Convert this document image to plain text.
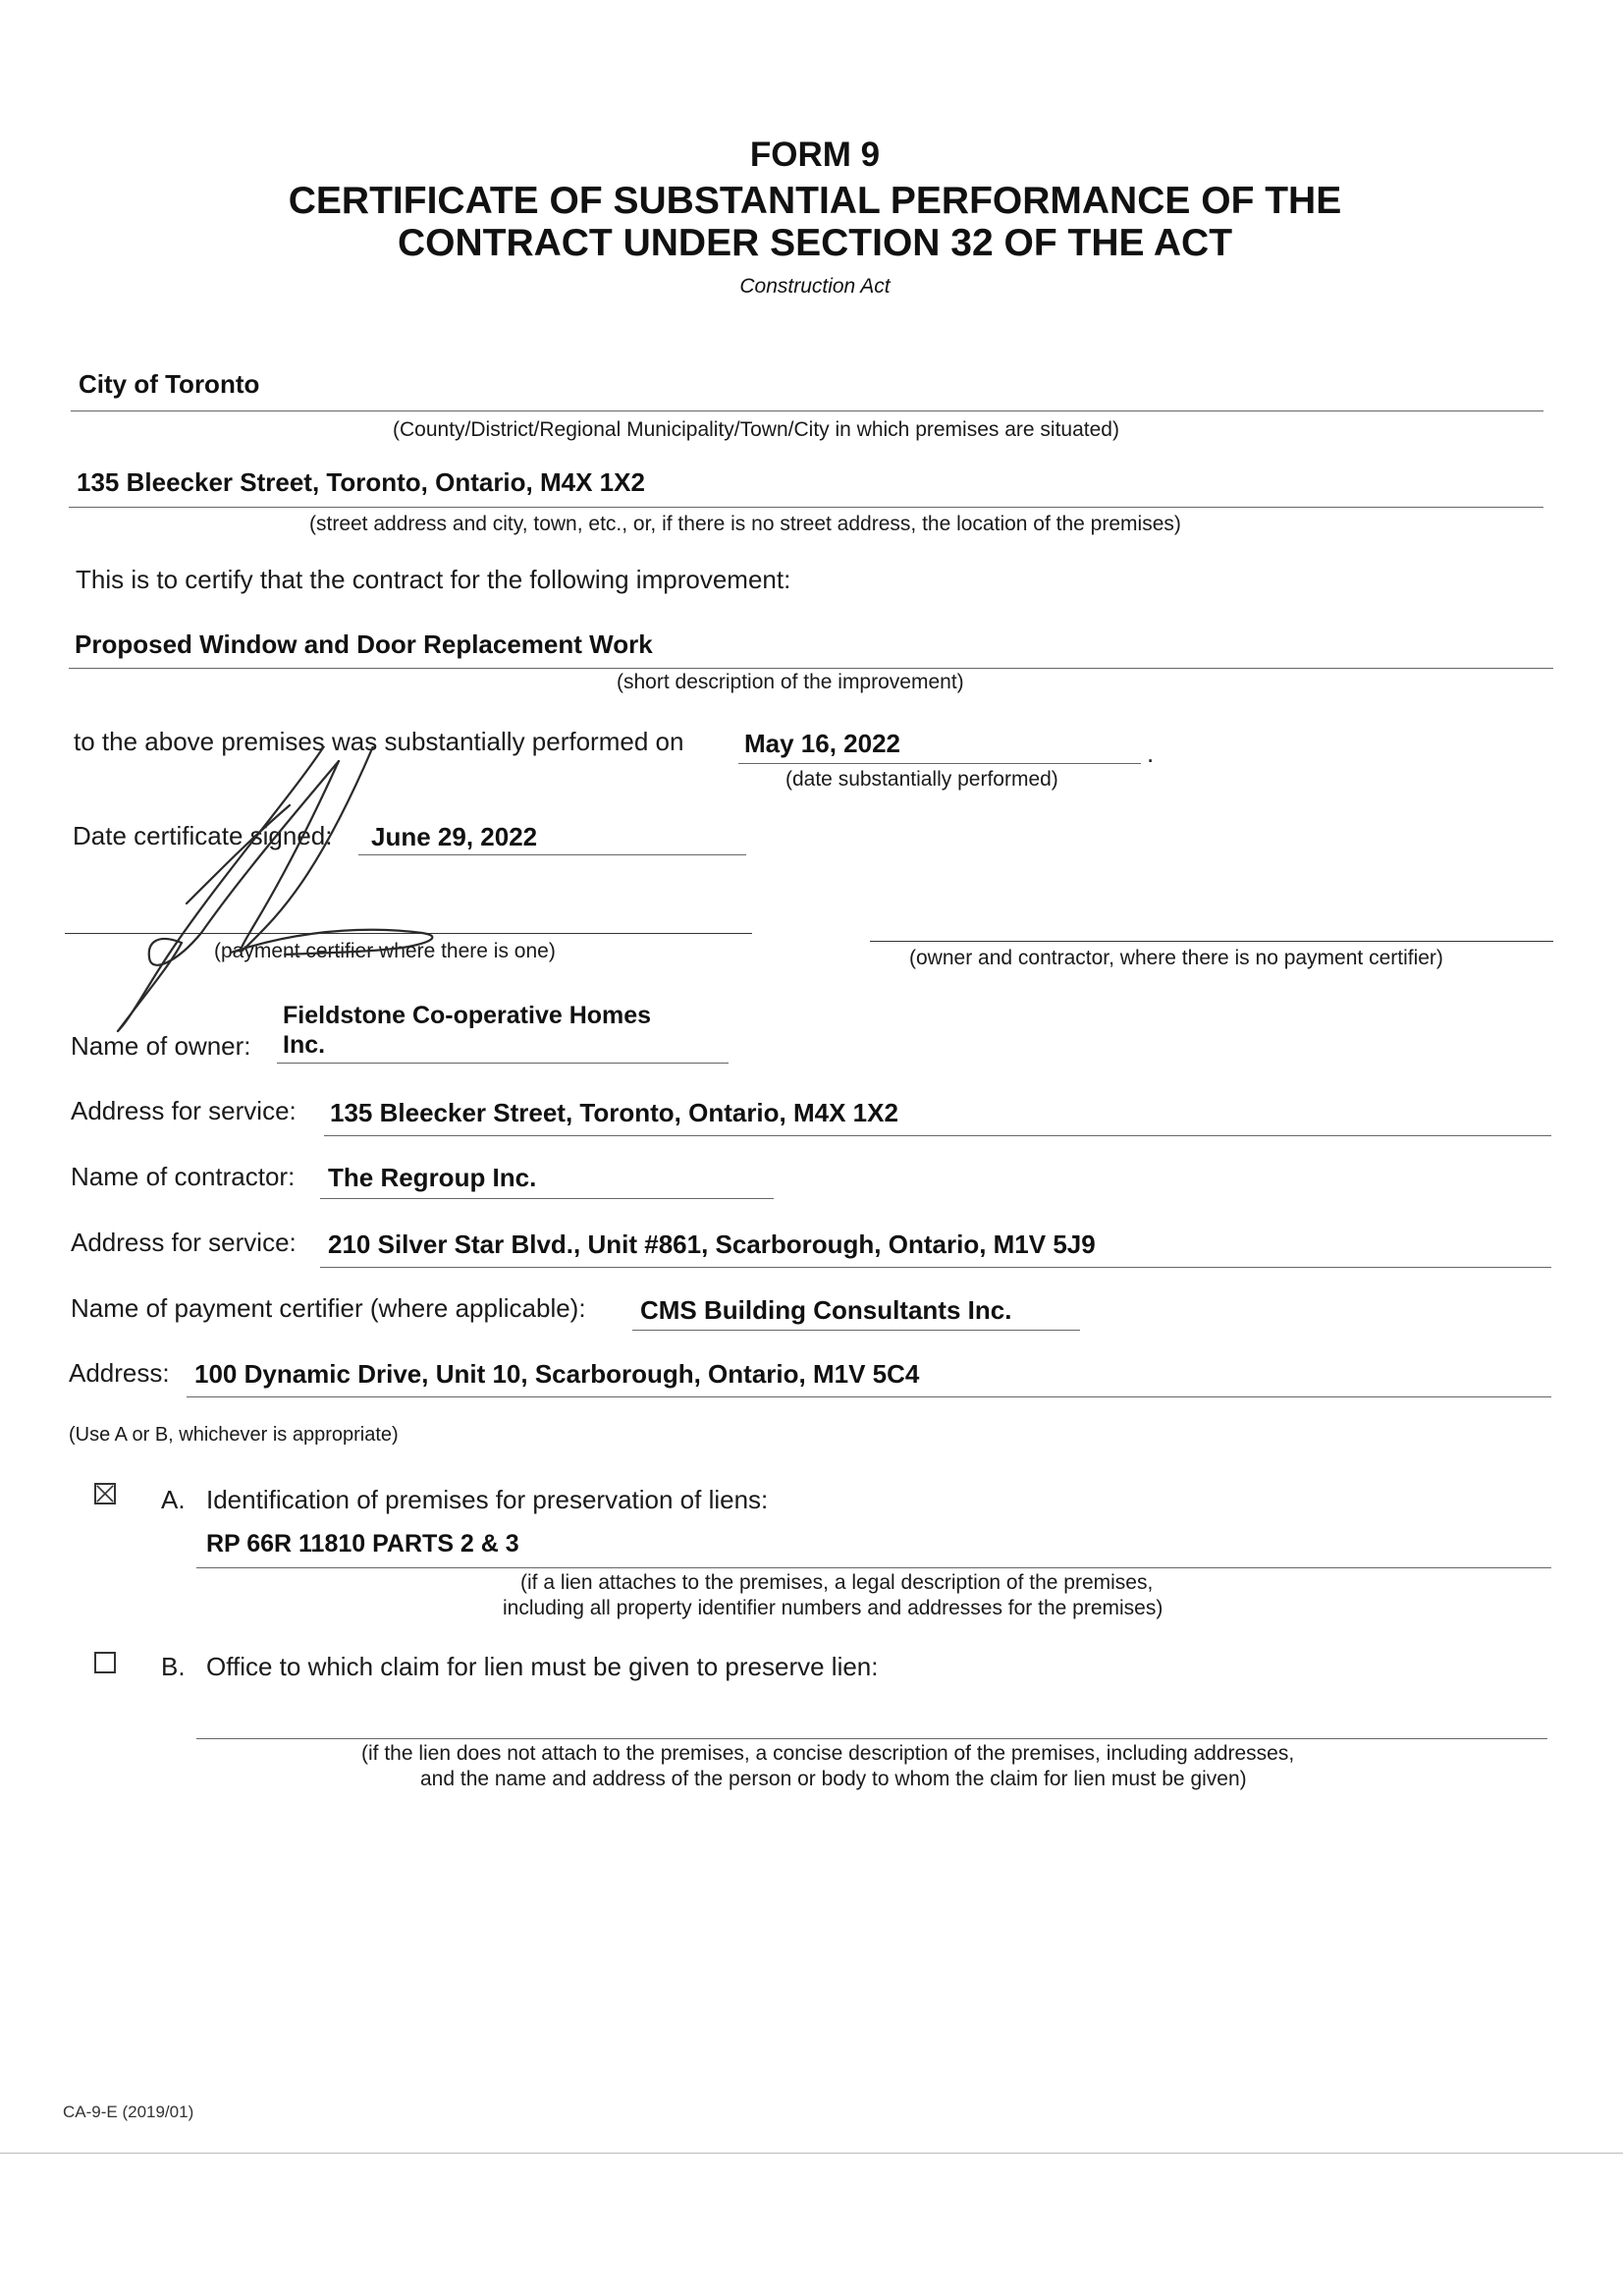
FORM 9
CERTIFICATE OF SUBSTANTIAL PERFORMANCE OF THE
CONTRACT UNDER SECTION 32 OF THE ACT
Construction Act
City of Toronto
(County/District/Regional Municipality/Town/City in which premises are situated)
135 Bleecker Street, Toronto, Ontario, M4X 1X2
(street address and city, town, etc., or, if there is no street address, the location of the premises)
This is to certify that the contract for the following improvement:
Proposed Window and Door Replacement Work
(short description of the improvement)
to the above premises was substantially performed on May 16, 2022	.
(date substantially performed)
Date certificate signed: June 29, 2022
(payment certifier where there is one)	(owner and contractor, where there is no payment certifier)
Fieldstone Co-operative Homes
Name of owner: Inc.
Address for service: 135 Bleecker Street, Toronto, Ontario, M4X 1X2
Name of contractor: The Regroup Inc.
Address for service: 210 Silver Star Blvd., Unit #861, Scarborough, Ontario, M1V 5J9
Name of payment certifier (where applicable): CMS Building Consultants Inc.
Address: 100 Dynamic Drive, Unit 10, Scarborough, Ontario, M1V 5C4
(Use A or B, whichever is appropriate)
A. Identification of premises for preservation of liens:
RP 66R 11810 PARTS 2 & 3
(if a lien attaches to the premises, a legal description of the premises,
including all property identifier numbers and addresses for the premises)
B. Office to which claim for lien must be given to preserve lien:
(if the lien does not attach to the premises, a concise description of the premises, including addresses,
and the name and address of the person or body to whom the claim for lien must be given)
CA-9-E (2019/01)
